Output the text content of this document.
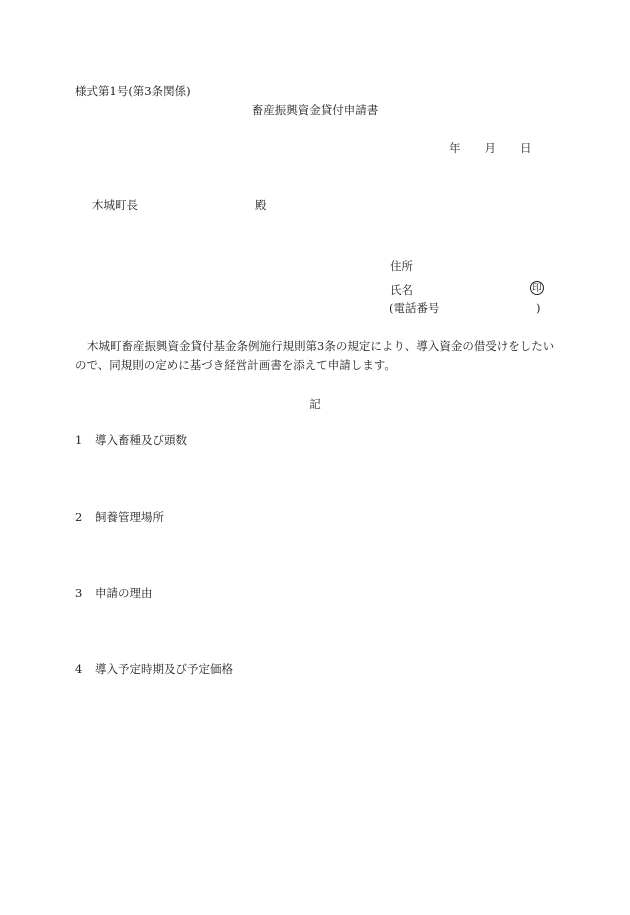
様式第1号(第3条関係)
畜産振興資金貸付申請書
年 月 日
木城町長	殿
住所
氏名	印
(電話番号	)
木城町畜産振興資金貸付基金条例施行規則第3条の規定により、導入資金の借受けをしたいので、同規則の定めに基づき経営計画書を添えて申請します。
記
1 導入畜種及び頭数
2 飼養管理場所
3 申請の理由
4 導入予定時期及び予定価格
